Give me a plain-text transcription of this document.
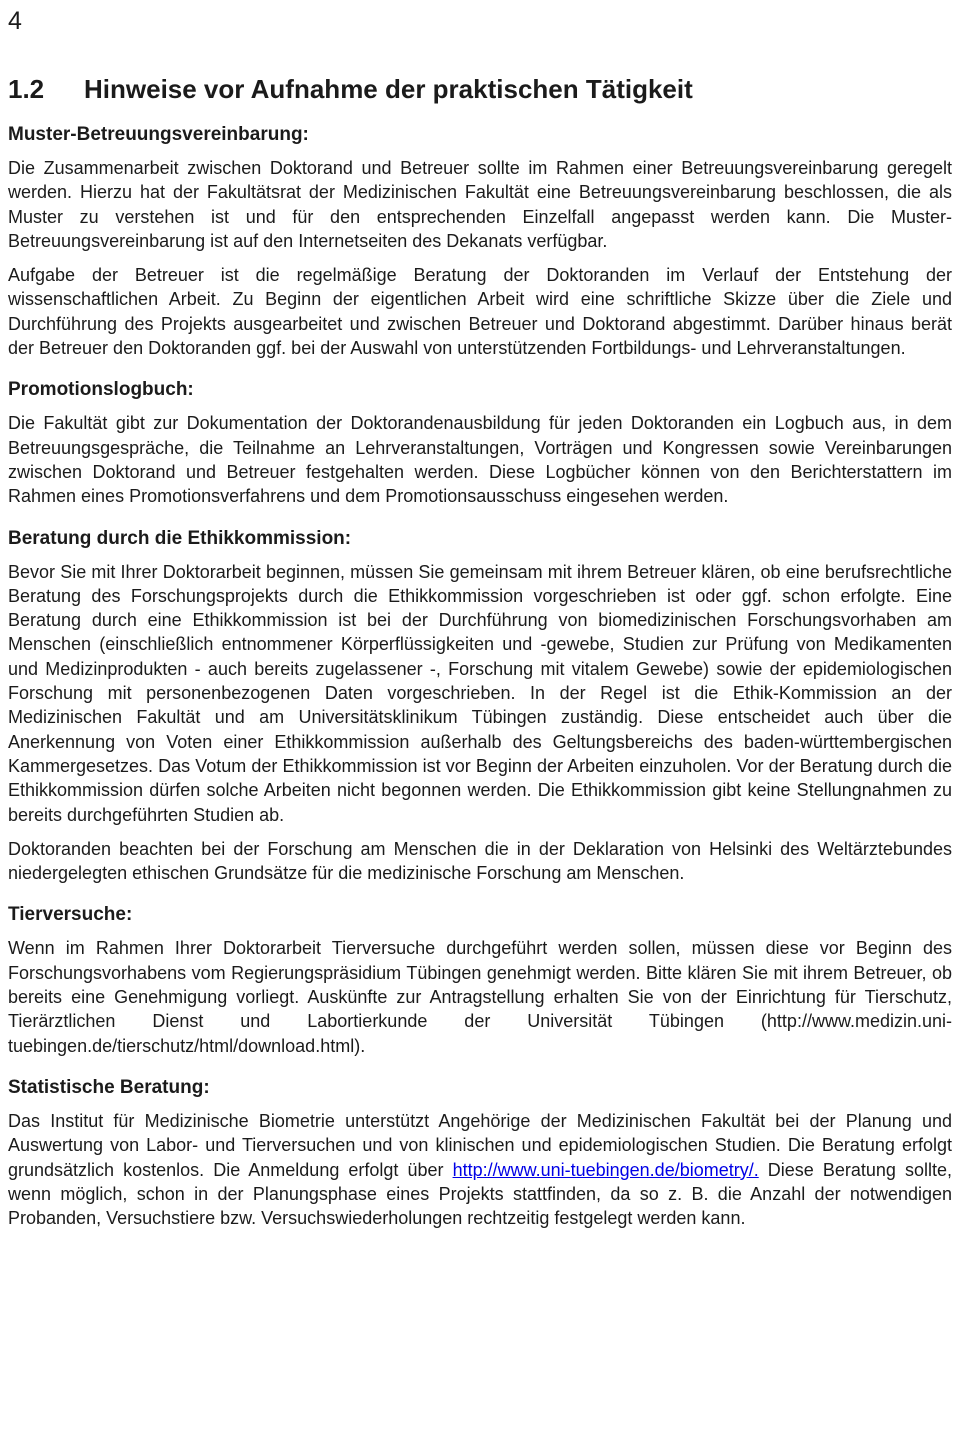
4
1.2	Hinweise vor Aufnahme der praktischen Tätigkeit
Muster-Betreuungsvereinbarung:

Die Zusammenarbeit zwischen Doktorand und Betreuer sollte im Rahmen einer Betreuungsvereinbarung geregelt werden. Hierzu hat der Fakultätsrat der Medizinischen Fakultät eine Betreuungsvereinbarung beschlossen, die als Muster zu verstehen ist und für den entsprechenden Einzelfall angepasst werden kann. Die Muster-Betreuungsvereinbarung ist auf den Internetseiten des Dekanats verfügbar.

Aufgabe der Betreuer ist die regelmäßige Beratung der Doktoranden im Verlauf der Entstehung der wissenschaftlichen Arbeit. Zu Beginn der eigentlichen Arbeit wird eine schriftliche Skizze über die Ziele und Durchführung des Projekts ausgearbeitet und zwischen Betreuer und Doktorand abgestimmt. Darüber hinaus berät der Betreuer den Doktoranden ggf. bei der Auswahl von unterstützenden Fortbildungs- und Lehrveranstaltungen.

Promotionslogbuch:

Die Fakultät gibt zur Dokumentation der Doktorandenausbildung für jeden Doktoranden ein Logbuch aus, in dem Betreuungsgespräche, die Teilnahme an Lehrveranstaltungen, Vorträgen und Kongressen sowie Vereinbarungen zwischen Doktorand und Betreuer festgehalten werden. Diese Logbücher können von den Berichterstattern im Rahmen eines Promotionsverfahrens und dem Promotionsausschuss eingesehen werden.

Beratung durch die Ethikkommission:

Bevor Sie mit Ihrer Doktorarbeit beginnen, müssen Sie gemeinsam mit ihrem Betreuer klären, ob eine berufsrechtliche Beratung des Forschungsprojekts durch die Ethikkommission vorgeschrieben ist oder ggf. schon erfolgte. Eine Beratung durch eine Ethikkommission ist bei der Durchführung von biomedizinischen Forschungsvorhaben am Menschen (einschließlich entnommener Körperflüssigkeiten und -gewebe, Studien zur Prüfung von Medikamenten und Medizinprodukten - auch bereits zugelassener -, Forschung mit vitalem Gewebe) sowie der epidemiologischen Forschung mit personenbezogenen Daten vorgeschrieben. In der Regel ist die Ethik-Kommission an der Medizinischen Fakultät und am Universitätsklinikum Tübingen zuständig. Diese entscheidet auch über die Anerkennung von Voten einer Ethikkommission außerhalb des Geltungsbereichs des baden-württembergischen Kammergesetzes. Das Votum der Ethikkommission ist vor Beginn der Arbeiten einzuholen. Vor der Beratung durch die Ethikkommission dürfen solche Arbeiten nicht begonnen werden. Die Ethikkommission gibt keine Stellungnahmen zu bereits durchgeführten Studien ab.

Doktoranden beachten bei der Forschung am Menschen die in der Deklaration von Helsinki des Weltärztebundes niedergelegten ethischen Grundsätze für die medizinische Forschung am Menschen.

Tierversuche:

Wenn im Rahmen Ihrer Doktorarbeit Tierversuche durchgeführt werden sollen, müssen diese vor Beginn des Forschungsvorhabens vom Regierungspräsidium Tübingen genehmigt werden. Bitte klären Sie mit ihrem Betreuer, ob bereits eine Genehmigung vorliegt. Auskünfte zur Antragstellung erhalten Sie von der Einrichtung für Tierschutz, Tierärztlichen Dienst und Labortierkunde der Universität Tübingen (http://www.medizin.uni-tuebingen.de/tierschutz/html/download.html).

Statistische Beratung:

Das Institut für Medizinische Biometrie unterstützt Angehörige der Medizinischen Fakultät bei der Planung und Auswertung von Labor- und Tierversuchen und von klinischen und epidemiologischen Studien. Die Beratung erfolgt grundsätzlich kostenlos. Die Anmeldung erfolgt über http://www.uni-tuebingen.de/biometry/. Diese Beratung sollte, wenn möglich, schon in der Planungsphase eines Projekts stattfinden, da so z. B. die Anzahl der notwendigen Probanden, Versuchstiere bzw. Versuchswiederholungen rechtzeitig festgelegt werden kann.
